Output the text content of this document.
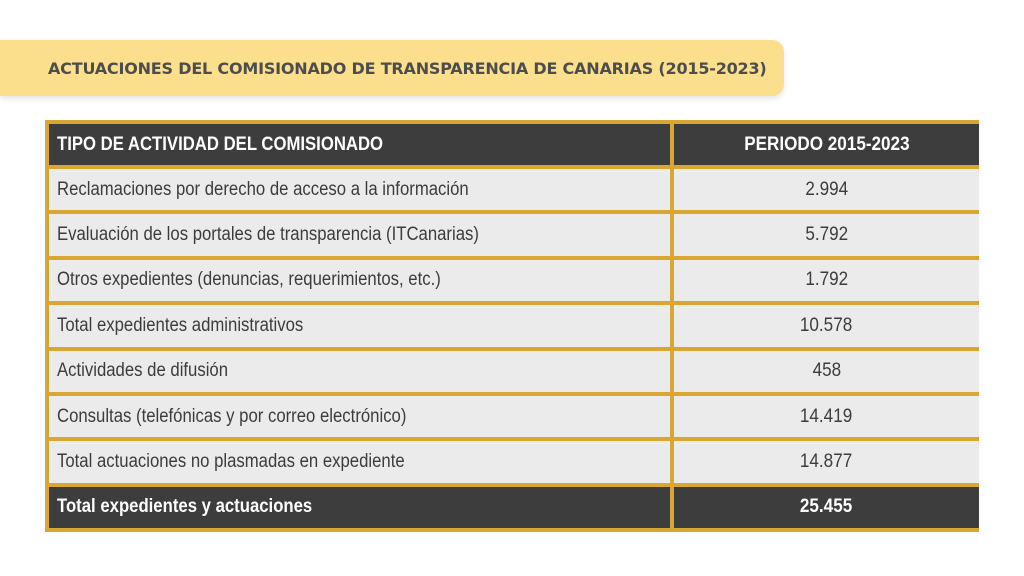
ACTUACIONES DEL COMISIONADO DE TRANSPARENCIA DE CANARIAS (2015-2023)
TIPO DE ACTIVIDAD DEL COMISIONADO	PERIODO 2015-2023
Reclamaciones por derecho de acceso a la información	2.994
Evaluación de los portales de transparencia (ITCanarias)	5.792
Otros expedientes (denuncias, requerimientos, etc.)	1.792
Total expedientes administrativos	10.578
Actividades de difusión	458
Consultas (telefónicas y por correo electrónico)	14.419
Total actuaciones no plasmadas en expediente	14.877
Total expedientes y actuaciones	25.455
